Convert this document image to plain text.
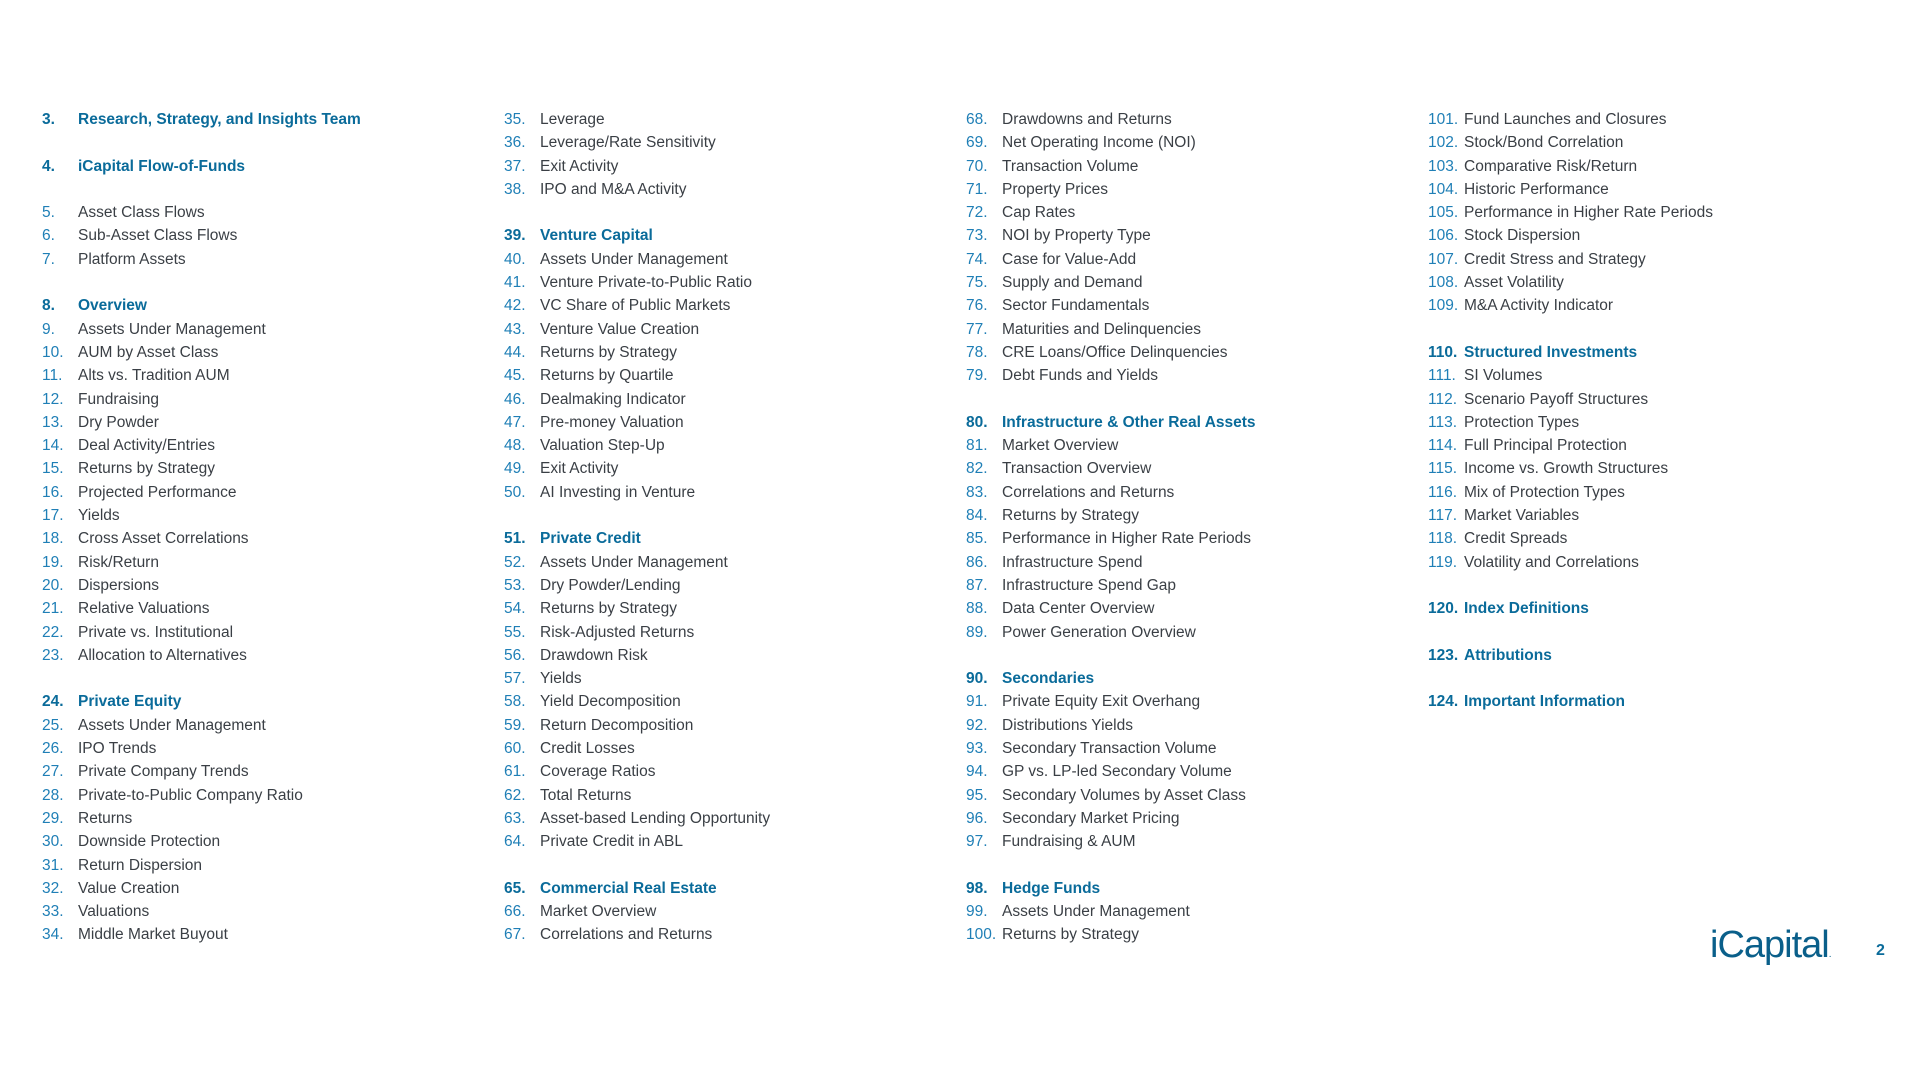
3. Research, Strategy, and Insights Team
4. iCapital Flow-of-Funds
5. Asset Class Flows
6. Sub-Asset Class Flows
7. Platform Assets
8. Overview
9. Assets Under Management
10. AUM by Asset Class
11. Alts vs. Tradition AUM
12. Fundraising
13. Dry Powder
14. Deal Activity/Entries
15. Returns by Strategy
16. Projected Performance
17. Yields
18. Cross Asset Correlations
19. Risk/Return
20. Dispersions
21. Relative Valuations
22. Private vs. Institutional
23. Allocation to Alternatives
24. Private Equity
25. Assets Under Management
26. IPO Trends
27. Private Company Trends
28. Private-to-Public Company Ratio
29. Returns
30. Downside Protection
31. Return Dispersion
32. Value Creation
33. Valuations
34. Middle Market Buyout
35. Leverage
36. Leverage/Rate Sensitivity
37. Exit Activity
38. IPO and M&A Activity
39. Venture Capital
40. Assets Under Management
41. Venture Private-to-Public Ratio
42. VC Share of Public Markets
43. Venture Value Creation
44. Returns by Strategy
45. Returns by Quartile
46. Dealmaking Indicator
47. Pre-money Valuation
48. Valuation Step-Up
49. Exit Activity
50. AI Investing in Venture
51. Private Credit
52. Assets Under Management
53. Dry Powder/Lending
54. Returns by Strategy
55. Risk-Adjusted Returns
56. Drawdown Risk
57. Yields
58. Yield Decomposition
59. Return Decomposition
60. Credit Losses
61. Coverage Ratios
62. Total Returns
63. Asset-based Lending Opportunity
64. Private Credit in ABL
65. Commercial Real Estate
66. Market Overview
67. Correlations and Returns
68. Drawdowns and Returns
69. Net Operating Income (NOI)
70. Transaction Volume
71. Property Prices
72. Cap Rates
73. NOI by Property Type
74. Case for Value-Add
75. Supply and Demand
76. Sector Fundamentals
77. Maturities and Delinquencies
78. CRE Loans/Office Delinquencies
79. Debt Funds and Yields
80. Infrastructure & Other Real Assets
81. Market Overview
82. Transaction Overview
83. Correlations and Returns
84. Returns by Strategy
85. Performance in Higher Rate Periods
86. Infrastructure Spend
87. Infrastructure Spend Gap
88. Data Center Overview
89. Power Generation Overview
90. Secondaries
91. Private Equity Exit Overhang
92. Distributions Yields
93. Secondary Transaction Volume
94. GP vs. LP-led Secondary Volume
95. Secondary Volumes by Asset Class
96. Secondary Market Pricing
97. Fundraising & AUM
98. Hedge Funds
99. Assets Under Management
100. Returns by Strategy
101. Fund Launches and Closures
102. Stock/Bond Correlation
103. Comparative Risk/Return
104. Historic Performance
105. Performance in Higher Rate Periods
106. Stock Dispersion
107. Credit Stress and Strategy
108. Asset Volatility
109. M&A Activity Indicator
110. Structured Investments
111. SI Volumes
112. Scenario Payoff Structures
113. Protection Types
114. Full Principal Protection
115. Income vs. Growth Structures
116. Mix of Protection Types
117. Market Variables
118. Credit Spreads
119. Volatility and Correlations
120. Index Definitions
123. Attributions
124. Important Information
iCapital.	2
